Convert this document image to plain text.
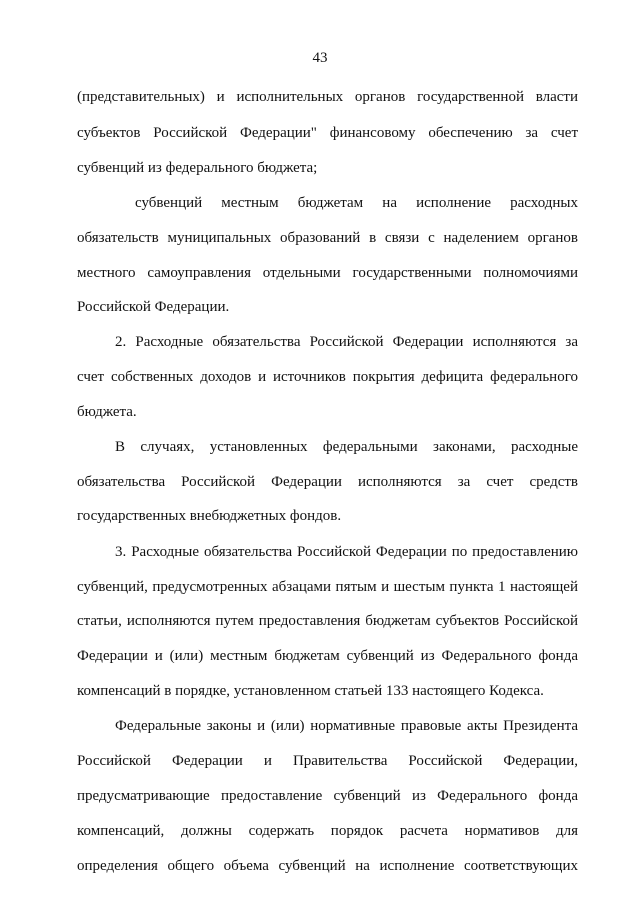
43
(представительных) и исполнительных органов государственной власти
субъектов Российской Федерации" финансовому обеспечению за счет
субвенций из федерального бюджета;
субвенций местным бюджетам на исполнение расходных
обязательств муниципальных образований в связи с наделением органов
местного самоуправления отдельными государственными полномочиями
Российской Федерации.
2. Расходные обязательства Российской Федерации исполняются за
счет собственных доходов и источников покрытия дефицита федерального
бюджета.
В случаях, установленных федеральными законами, расходные
обязательства Российской Федерации исполняются за счет средств
государственных внебюджетных фондов.
3. Расходные обязательства Российской Федерации по предоставлению
субвенций, предусмотренных абзацами пятым и шестым пункта 1 настоящей
статьи, исполняются путем предоставления бюджетам субъектов Российской
Федерации и (или) местным бюджетам субвенций из Федерального фонда
компенсаций в порядке, установленном статьей 133 настоящего Кодекса.
Федеральные законы и (или) нормативные правовые акты Президента
Российской Федерации и Правительства Российской Федерации,
предусматривающие предоставление субвенций из Федерального фонда
компенсаций, должны содержать порядок расчета нормативов для
определения общего объема субвенций на исполнение соответствующих
